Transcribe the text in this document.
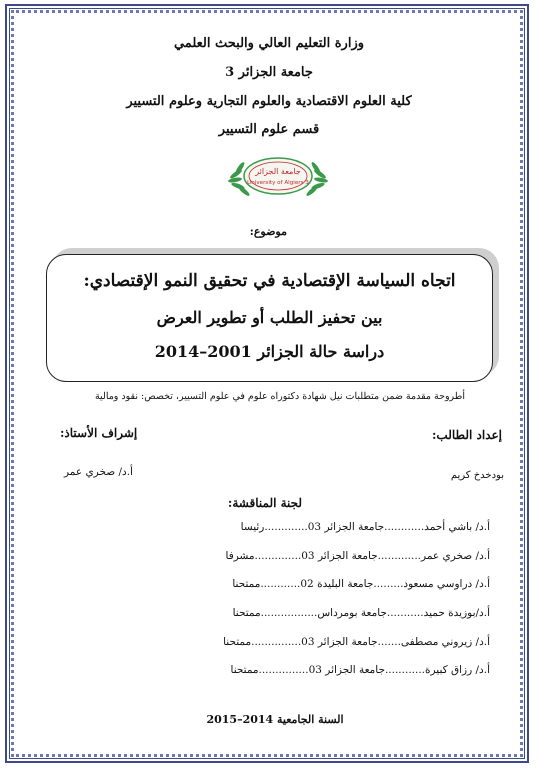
وزارة التعليم العالي والبحث العلمي
جامعة الجزائر 3
كلية العلوم الاقتصادية والعلوم التجارية وعلوم التسيير
قسم علوم التسيير
جامعة الجزائر
University of Algiers 3
موضوع:
اتجاه السياسة الإقتصادية في تحقيق النمو الإقتصادي:
بين تحفيز الطلب أو تطوير العرض
دراسة حالة الجزائر 2001–2014
أطروحة مقدمة ضمن متطلبات نيل شهادة دكتوراه علوم في علوم التسيير، تخصص: نقود ومالية
إعداد الطالب:
إشراف الأستاذ:
بودخدخ كريم
أ.د/ صخري عمر
لجنة المناقشة:
أ.د/ باشي أحمد............جامعة الجزائر 03.............رئيسا
أ.د/ صخري عمر.............جامعة الجزائر 03..............مشرفا
أ.د/ دراوسي مسعود.........جامعة البليدة 02............ممتحنا
أ.د/بوزيدة حميد...........جامعة بومرداس.................ممتحنا
أ.د/ زيروني مصطفى.......جامعة الجزائر 03...............ممتحنا
أ.د/ رزاق كبيرة............جامعة الجزائر 03...............ممتحنا
السنة الجامعية 2014–2015
